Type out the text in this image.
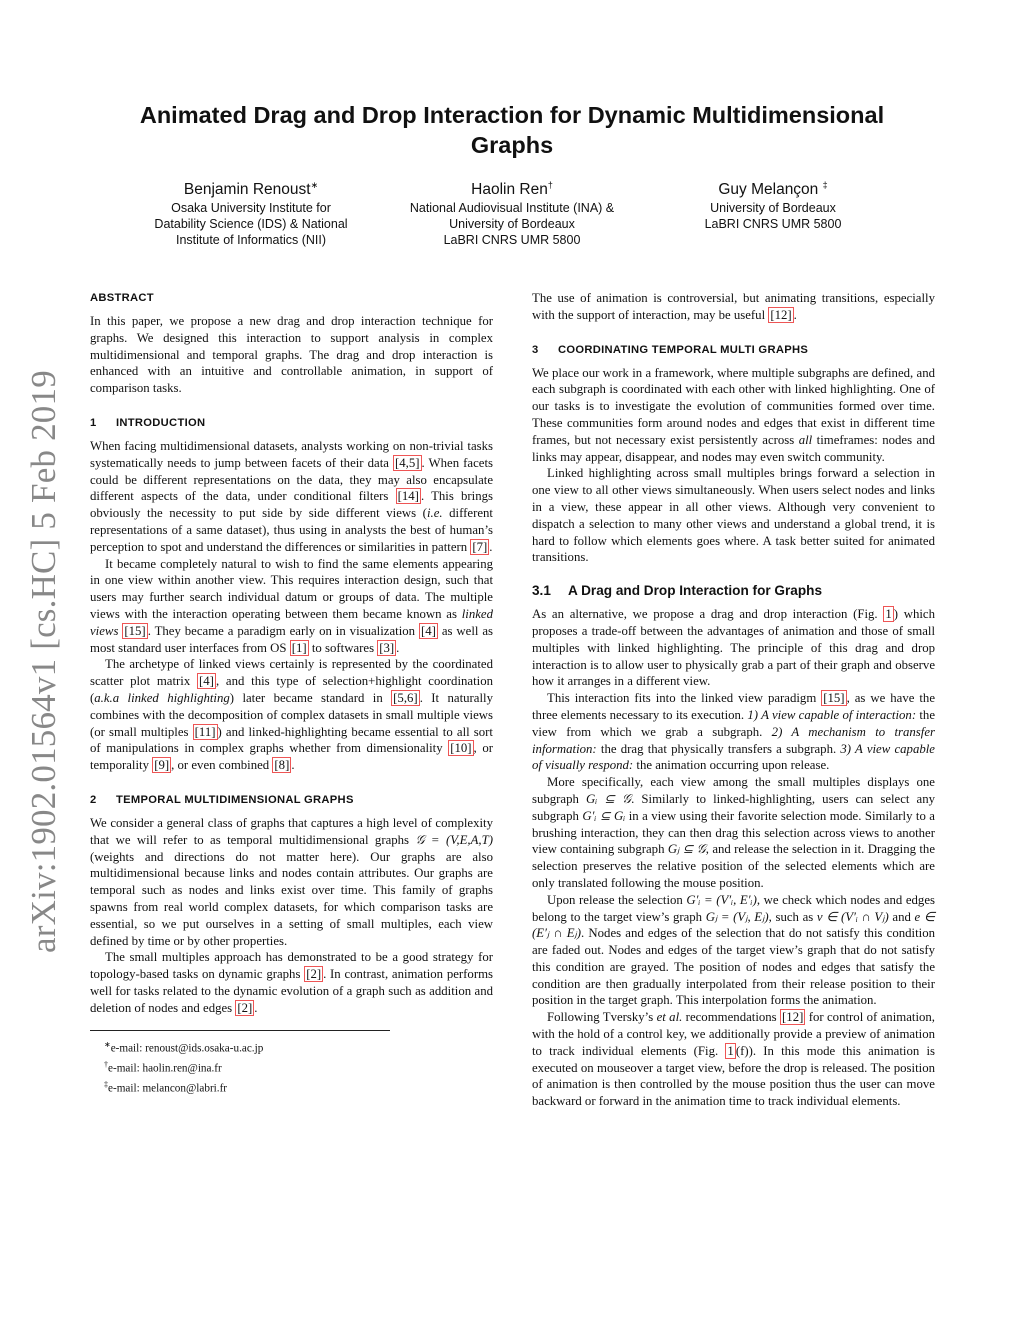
arXiv:1902.01564v1 [cs.HC] 5 Feb 2019
Animated Drag and Drop Interaction for Dynamic Multidimensional Graphs
Benjamin Renoust∗
Osaka University Institute for
Datability Science (IDS) & National
Institute of Informatics (NII)
Haolin Ren†
National Audiovisual Institute (INA) &
University of Bordeaux
LaBRI CNRS UMR 5800
Guy Melançon ‡
University of Bordeaux
LaBRI CNRS UMR 5800
ABSTRACT

In this paper, we propose a new drag and drop interaction technique for graphs. We designed this interaction to support analysis in complex multidimensional and temporal graphs. The drag and drop interaction is enhanced with an intuitive and controllable animation, in support of comparison tasks.

1 INTRODUCTION

When facing multidimensional datasets, analysts working on non-trivial tasks systematically needs to jump between facets of their data [4,5] . When facets could be different representations on the data, they may also encapsulate different aspects of the data, under conditional filters [14] . This brings obviously the necessity to put side by side different views (i.e. different representations of a same dataset), thus using in analysts the best of human’s perception to spot and understand the differences or similarities in pattern [7] .

It became completely natural to wish to find the same elements appearing in one view within another view. This requires interaction design, such that users may further search individual datum or groups of data. The multiple views with the interaction operating between them became known as linked views [15] . They became a paradigm early on in visualization [4] as well as most standard user interfaces from OS [1] to softwares [3] .

The archetype of linked views certainly is represented by the coordinated scatter plot matrix [4] , and this type of selection+highlight coordination (a.k.a linked highlighting) later became standard in [5,6] . It naturally combines with the decomposition of complex datasets in small multiple views (or small multiples [11] ) and linked-highlighting became essential to all sort of manipulations in complex graphs whether from dimensionality [10] , or temporality [9] , or even combined [8] .

2 TEMPORAL MULTIDIMENSIONAL GRAPHS

We consider a general class of graphs that captures a high level of complexity that we will refer to as temporal multidimensional graphs 𝒢 = (V,E,A,T) (weights and directions do not matter here). Our graphs are also multidimensional because links and nodes contain attributes. Our graphs are temporal such as nodes and links exist over time. This family of graphs spawns from real world complex datasets, for which comparison tasks are essential, so we put ourselves in a setting of small multiples, each view defined by time or by other properties.

The small multiples approach has demonstrated to be a good strategy for topology-based tasks on dynamic graphs [2] . In contrast, animation performs well for tasks related to the dynamic evolution of a graph such as addition and deletion of nodes and edges [2] .

∗e-mail: renoust@ids.osaka-u.ac.jp

†e-mail: haolin.ren@ina.fr

‡e-mail: melancon@labri.fr

The use of animation is controversial, but animating transitions, especially with the support of interaction, may be useful [12] .

3 COORDINATING TEMPORAL MULTI GRAPHS

We place our work in a framework, where multiple subgraphs are defined, and each subgraph is coordinated with each other with linked highlighting. One of our tasks is to investigate the evolution of communities formed over time. These communities form around nodes and edges that exist in different time frames, but not necessary exist persistently across all timeframes: nodes and links may appear, disappear, and nodes may even switch community.

Linked highlighting across small multiples brings forward a selection in one view to all other views simultaneously. When users select nodes and links in a view, these appear in all other views. Although very convenient to dispatch a selection to many other views and understand a global trend, it is hard to follow which elements goes where. A task better suited for animated transitions.

3.1 A Drag and Drop Interaction for Graphs

As an alternative, we propose a drag and drop interaction (Fig. 1 ) which proposes a trade-off between the advantages of animation and those of small multiples with linked highlighting. The principle of this drag and drop interaction is to allow user to physically grab a part of their graph and observe how it arranges in a different view.

This interaction fits into the linked view paradigm [15] , as we have the three elements necessary to its execution. 1) A view capable of interaction: the view from which we grab a subgraph. 2) A mechanism to transfer information: the drag that physically transfers a subgraph. 3) A view capable of visually respond: the animation occurring upon release.

More specifically, each view among the small multiples displays one subgraph Gᵢ ⊆ 𝒢. Similarly to linked-highlighting, users can select any subgraph G′ᵢ ⊆ Gᵢ in a view using their favorite selection mode. Similarly to a brushing interaction, they can then drag this selection across views to another view containing subgraph Gⱼ ⊆ 𝒢, and release the selection in it. Dragging the selection preserves the relative position of the selected elements which are only translated following the mouse position.

Upon release the selection G′ᵢ = (V′ᵢ, E′ᵢ), we check which nodes and edges belong to the target view’s graph Gⱼ = (Vⱼ, Eⱼ), such as v ∈ (V′ᵢ ∩ Vⱼ) and e ∈ (E′ⱼ ∩ Eⱼ). Nodes and edges of the selection that do not satisfy this condition are faded out. Nodes and edges of the target view’s graph that do not satisfy this condition are grayed. The position of nodes and edges that satisfy the condition are then gradually interpolated from their release position to their position in the target graph. This interpolation forms the animation.

Following Tversky’s et al. recommendations [12] for control of animation, with the hold of a control key, we additionally provide a preview of animation to track individual elements (Fig. 1 (f)). In this mode this animation is executed on mouseover a target view, before the drop is released. The position of animation is then controlled by the mouse position thus the user can move backward or forward in the animation time to track individual elements.
